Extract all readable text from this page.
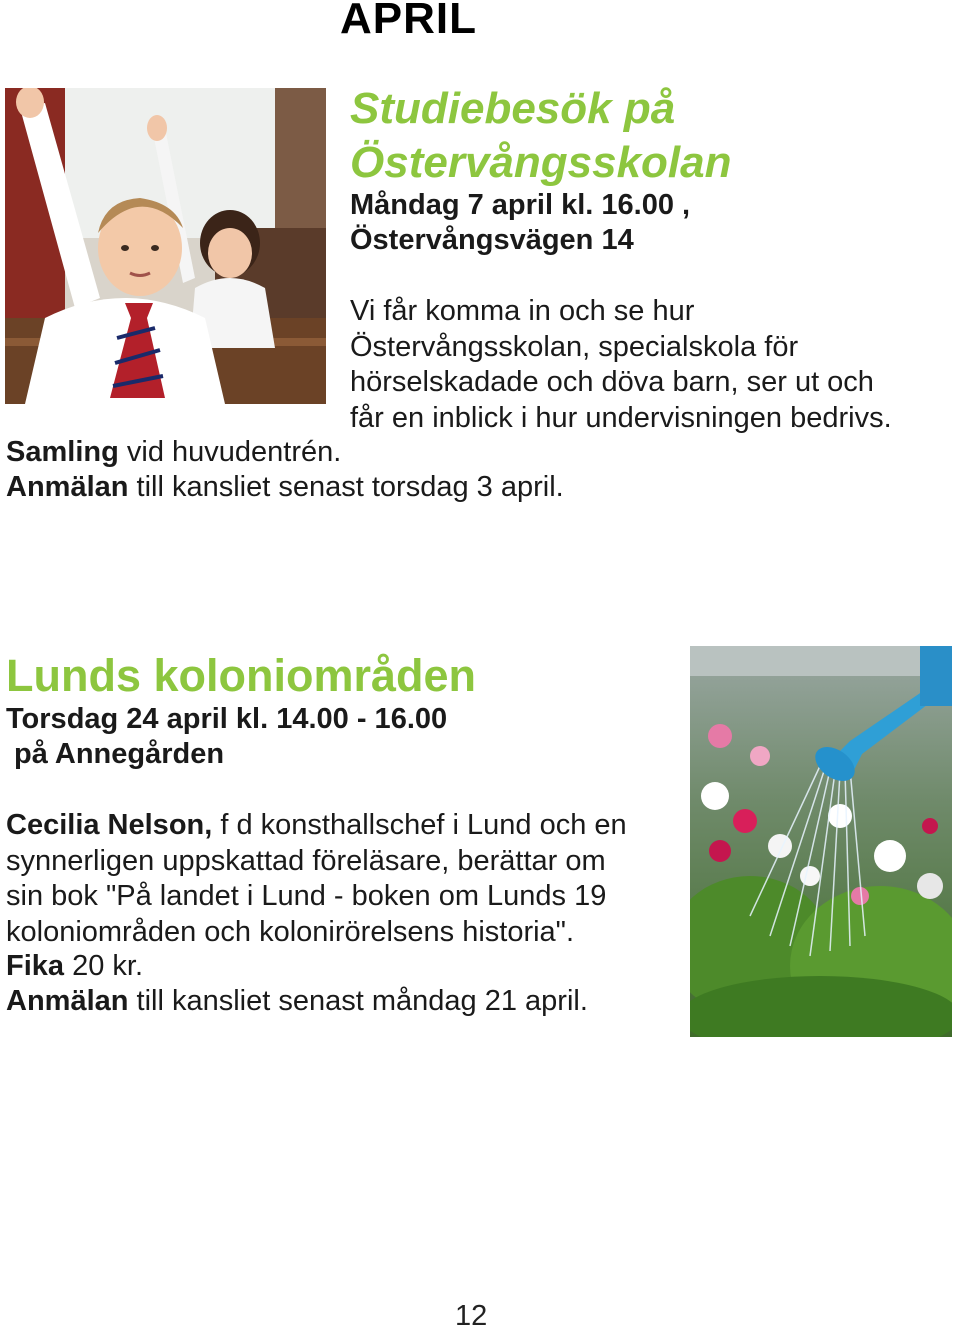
APRIL
Studiebesök på
Östervångsskolan
Måndag 7 april kl. 16.00 ,
Östervångsvägen 14
Vi får komma in och se hur
Östervångsskolan, specialskola för
hörselskadade och döva barn, ser ut och
får en inblick i hur undervisningen bedrivs.
Samling vid huvudentrén.
Anmälan till kansliet senast torsdag 3 april.
Lunds koloniområden
Torsdag 24 april kl. 14.00 - 16.00
på Annegården
Cecilia Nelson, f d konsthallschef i Lund och en
synnerligen uppskattad föreläsare, berättar om
sin bok "På landet i Lund - boken om Lunds 19
koloniområden och kolonirörelsens historia".
Fika 20 kr.
Anmälan till kansliet senast måndag 21 april.
12
